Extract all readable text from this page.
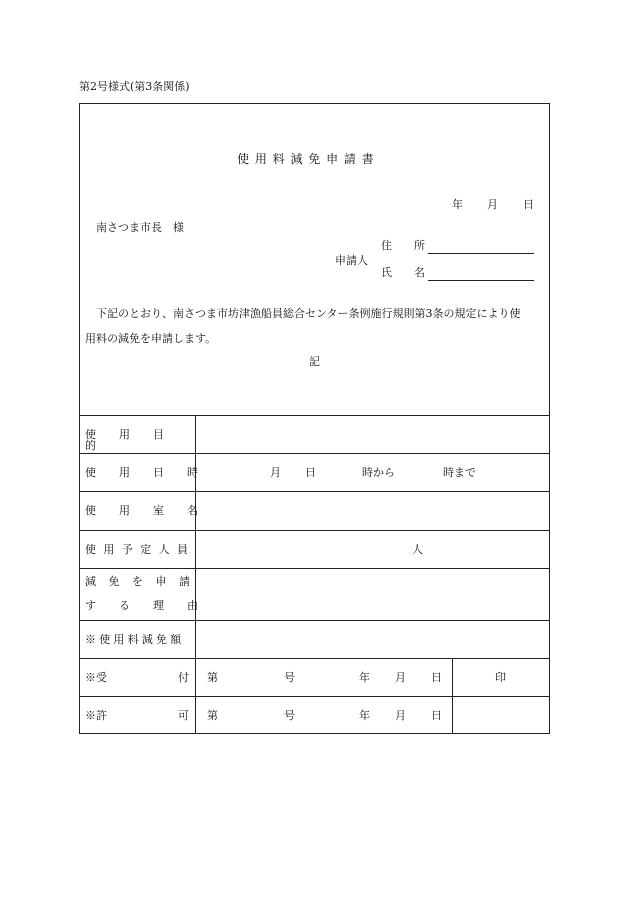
第2号様式(第3条関係)
使 用 料 減 免 申 請 書
年 月 日
南さつま市長　様
申請人
住　　所
氏　　名
下記のとおり、南さつま市坊津漁船員総合センター条例施行規則第3条の規定により使
用料の減免を申請します。
記
使用目的
使用日時	月 日	時から	時まで
使用室名
使用予定人員	人
減免を申請
する理由
※使用料減免額
※受	付 第	号	年 月 日	印
※許	可 第	号	年 月 日
